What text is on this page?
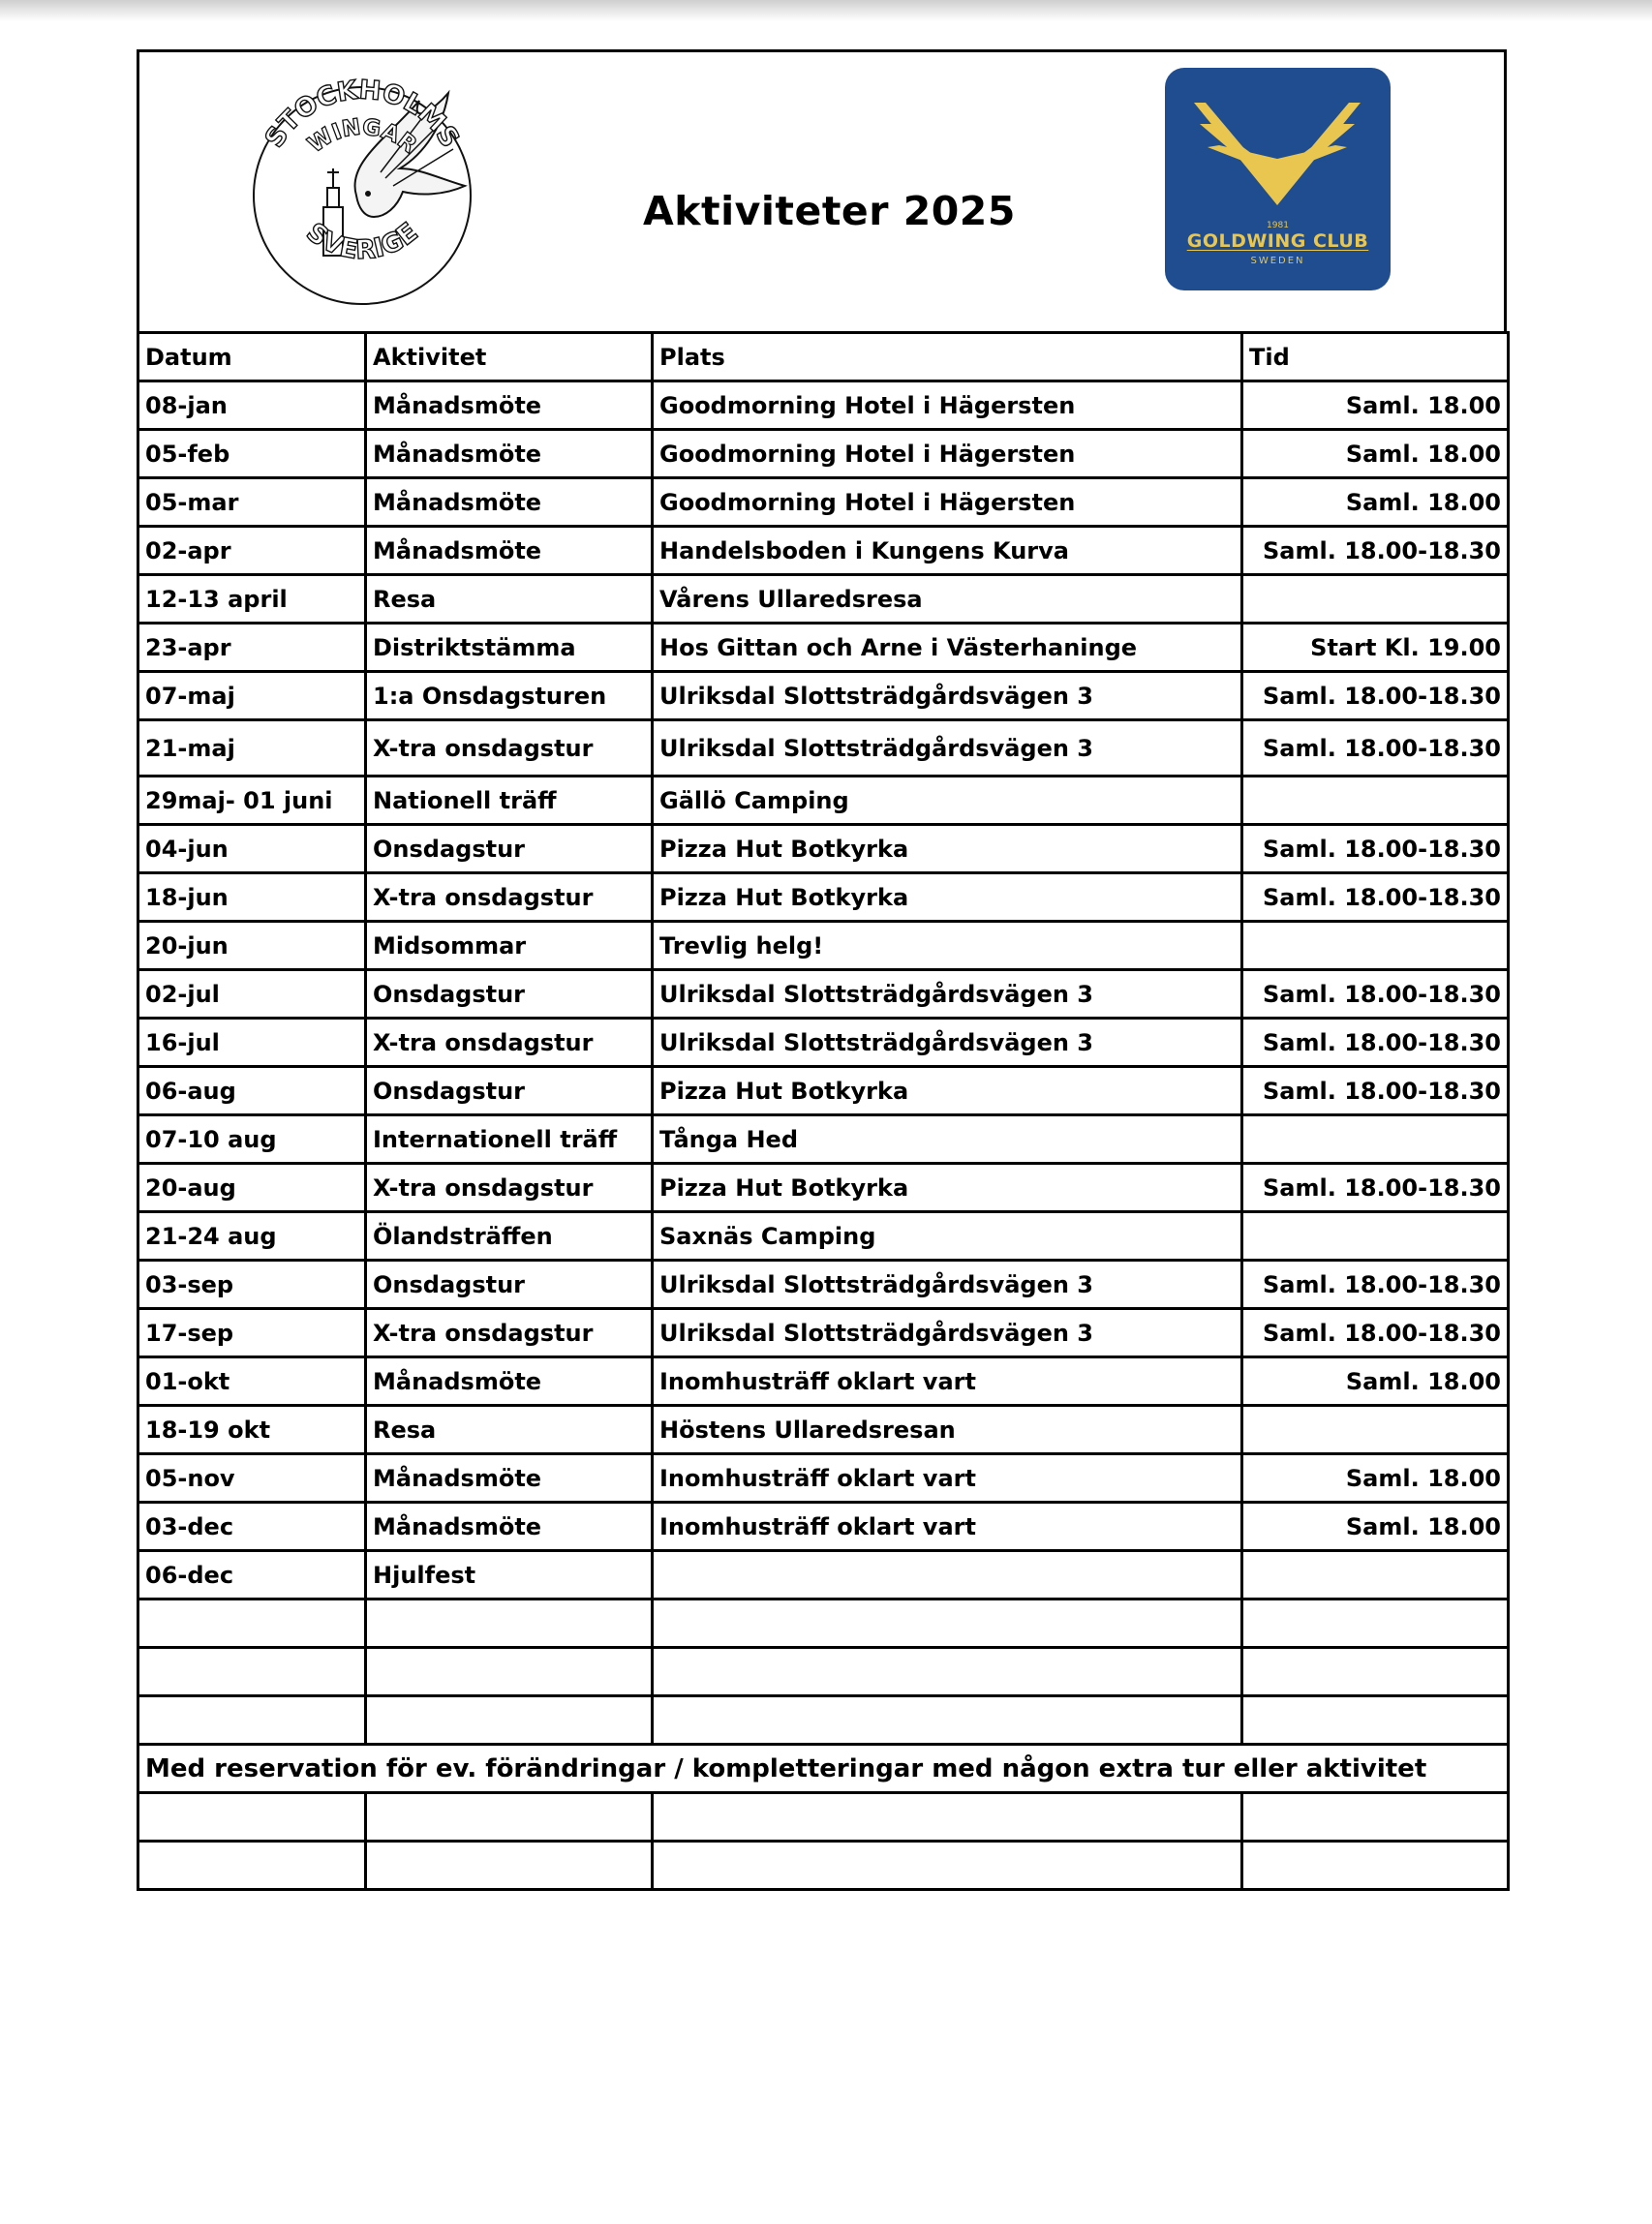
STOCKHOLMS
WINGAR
SVERIGE
Aktiviteter 2025	1981
GOLDWING CLUB
SWEDEN
Datum	Aktivitet	Plats	Tid
08-jan	Månadsmöte	Goodmorning Hotel i Hägersten	Saml. 18.00
05-feb	Månadsmöte	Goodmorning Hotel i Hägersten	Saml. 18.00
05-mar	Månadsmöte	Goodmorning Hotel i Hägersten	Saml. 18.00
02-apr	Månadsmöte	Handelsboden i Kungens Kurva	Saml. 18.00-18.30
12-13 april	Resa	Vårens Ullaredsresa	
23-apr	Distriktstämma	Hos Gittan och Arne i Västerhaninge	Start Kl. 19.00
07-maj	1:a Onsdagsturen	Ulriksdal Slottsträdgårdsvägen 3	Saml. 18.00-18.30
21-maj	X-tra onsdagstur	Ulriksdal Slottsträdgårdsvägen 3	Saml. 18.00-18.30
29maj- 01 juni	Nationell träff	Gällö Camping	
04-jun	Onsdagstur	Pizza Hut Botkyrka	Saml. 18.00-18.30
18-jun	X-tra onsdagstur	Pizza Hut Botkyrka	Saml. 18.00-18.30
20-jun	Midsommar	Trevlig helg!	
02-jul	Onsdagstur	Ulriksdal Slottsträdgårdsvägen 3	Saml. 18.00-18.30
16-jul	X-tra onsdagstur	Ulriksdal Slottsträdgårdsvägen 3	Saml. 18.00-18.30
06-aug	Onsdagstur	Pizza Hut Botkyrka	Saml. 18.00-18.30
07-10 aug	Internationell träff	Tånga Hed	
20-aug	X-tra onsdagstur	Pizza Hut Botkyrka	Saml. 18.00-18.30
21-24 aug	Ölandsträffen	Saxnäs Camping	
03-sep	Onsdagstur	Ulriksdal Slottsträdgårdsvägen 3	Saml. 18.00-18.30
17-sep	X-tra onsdagstur	Ulriksdal Slottsträdgårdsvägen 3	Saml. 18.00-18.30
01-okt	Månadsmöte	Inomhusträff oklart vart	Saml. 18.00
18-19 okt	Resa	Höstens Ullaredsresan	
05-nov	Månadsmöte	Inomhusträff oklart vart	Saml. 18.00
03-dec	Månadsmöte	Inomhusträff oklart vart	Saml. 18.00
06-dec	Hjulfest		

Med reservation för ev. förändringar / kompletteringar med någon extra tur eller aktivitet			
